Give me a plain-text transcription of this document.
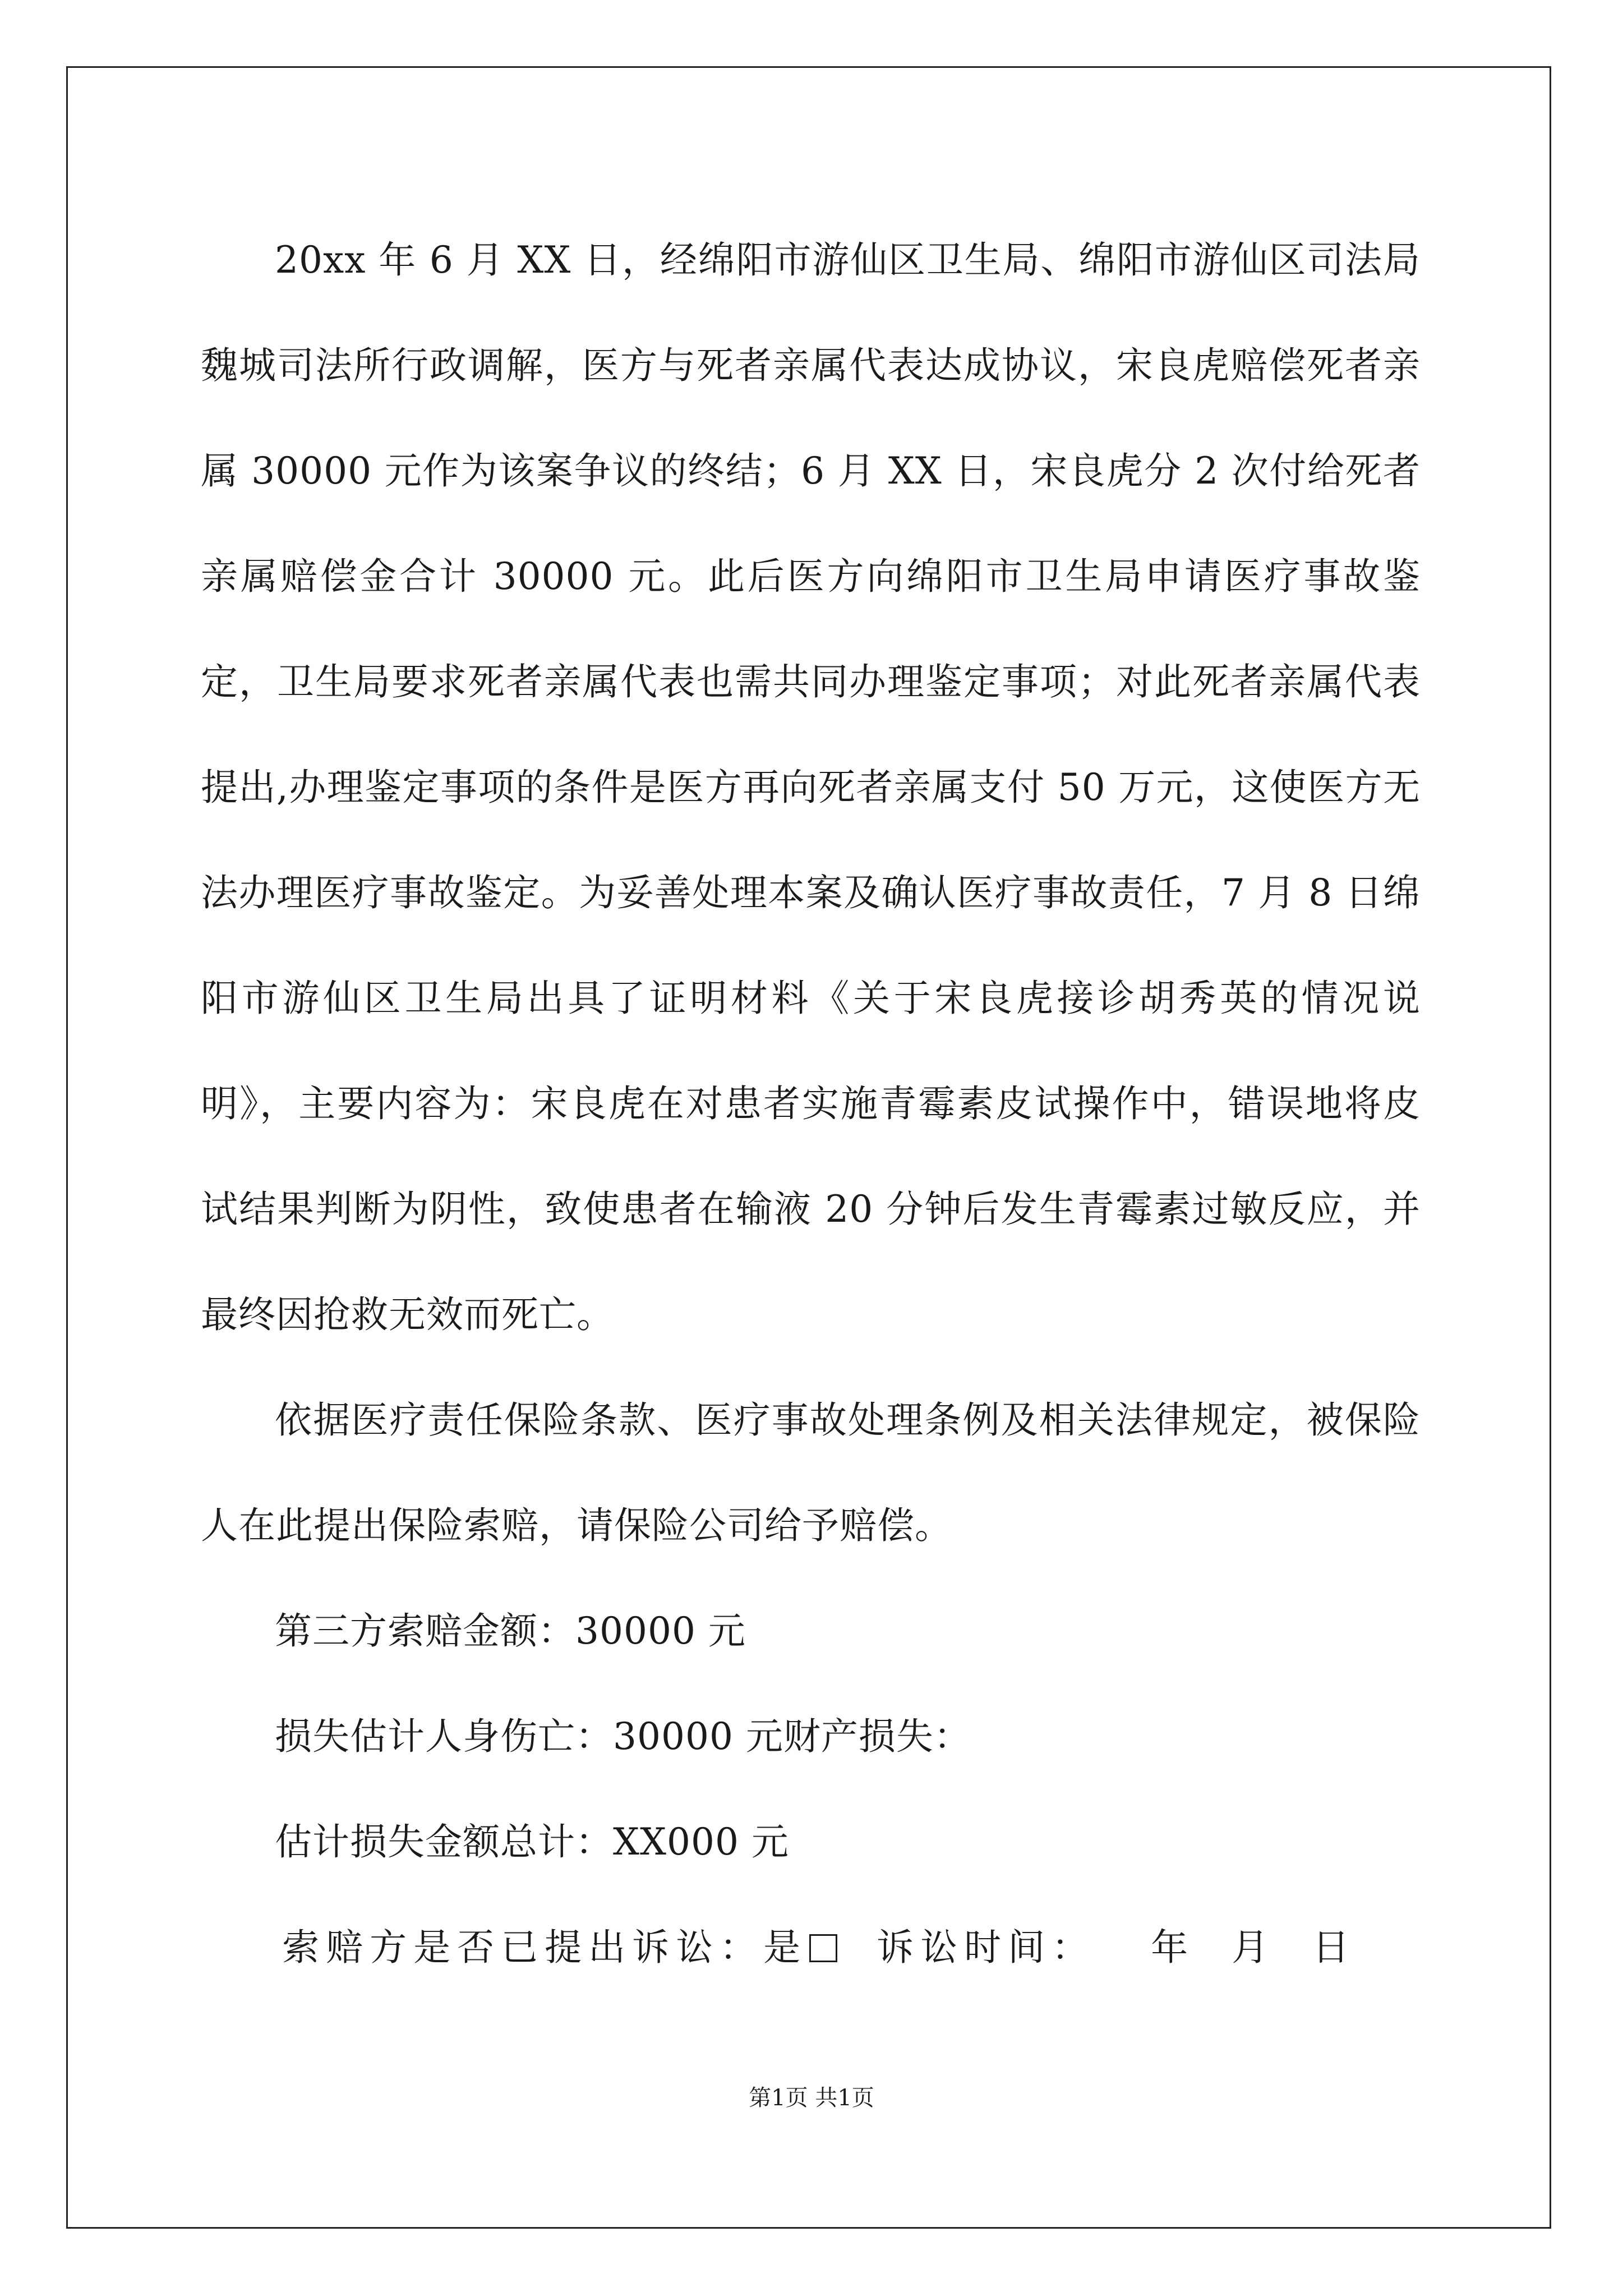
20xx 年 6 月 XX 日，经绵阳市游仙区卫生局、绵阳市游仙区司法局魏城司法所行政调解，医方与死者亲属代表达成协议，宋良虎赔偿死者亲属 30000 元作为该案争议的终结；6 月 XX 日，宋良虎分 2 次付给死者亲属赔偿金合计 30000 元。此后医方向绵阳市卫生局申请医疗事故鉴定，卫生局要求死者亲属代表也需共同办理鉴定事项；对此死者亲属代表提出,办理鉴定事项的条件是医方再向死者亲属支付 50 万元，这使医方无法办理医疗事故鉴定。为妥善处理本案及确认医疗事故责任，7 月 8 日绵阳市游仙区卫生局出具了证明材料《关于宋良虎接诊胡秀英的情况说明》，主要内容为：宋良虎在对患者实施青霉素皮试操作中，错误地将皮试结果判断为阴性，致使患者在输液 20 分钟后发生青霉素过敏反应，并最终因抢救无效而死亡。

依据医疗责任保险条款、医疗事故处理条例及相关法律规定，被保险人在此提出保险索赔，请保险公司给予赔偿。

第三方索赔金额：30000 元

损失估计人身伤亡：30000 元财产损失：

估计损失金额总计：XX000 元

索赔方是否已提出诉讼：是  诉讼时间：   年  月  日

第1页 共1页
